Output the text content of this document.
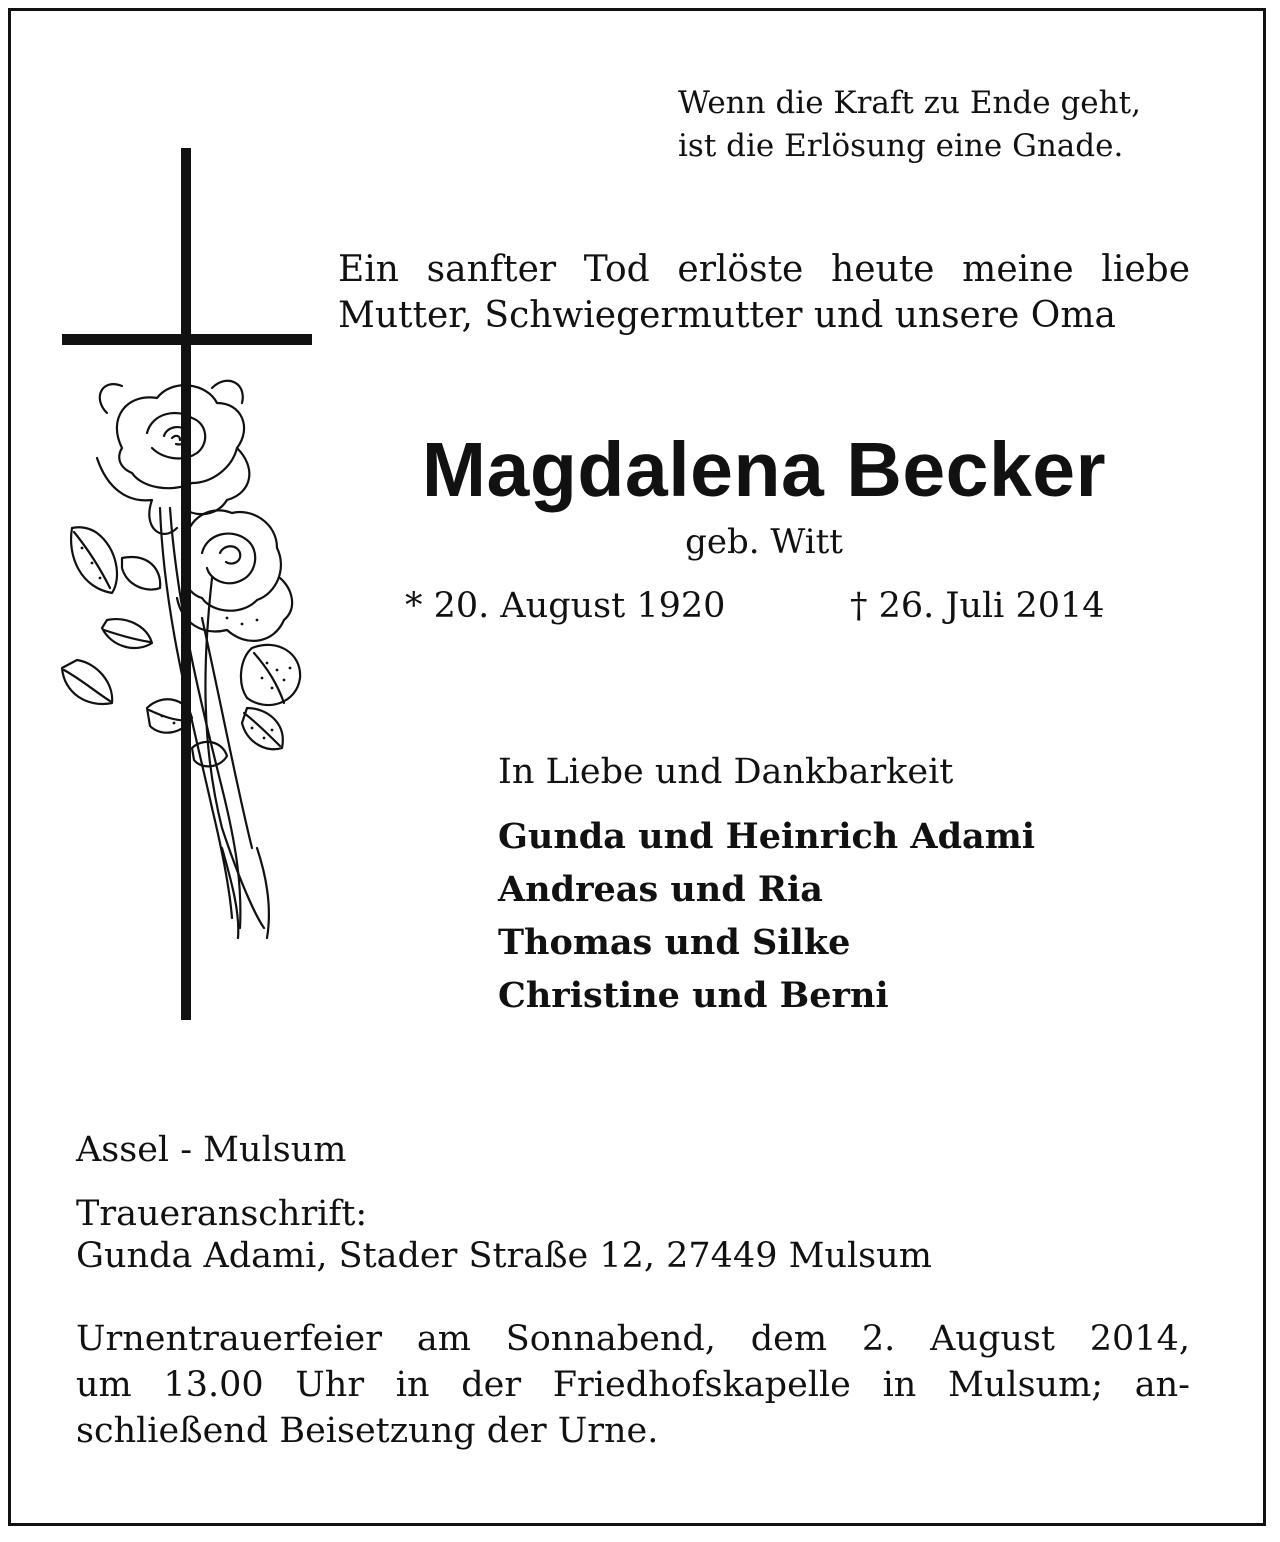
Wenn die Kraft zu Ende geht,
ist die Erlösung eine Gnade.
Ein sanfter Tod erlöste heute meine liebe
Mutter, Schwiegermutter und unsere Oma
Magdalena Becker
geb. Witt
* 20. August 1920	† 26. Juli 2014
In Liebe und Dankbarkeit
Gunda und Heinrich Adami
Andreas und Ria
Thomas und Silke
Christine und Berni
Assel - Mulsum
Traueranschrift:
Gunda Adami, Stader Straße 12, 27449 Mulsum
Urnentrauerfeier am Sonnabend, dem 2. August 2014,
um 13.00 Uhr in der Friedhofskapelle in Mulsum; an-
schließend Beisetzung der Urne.
